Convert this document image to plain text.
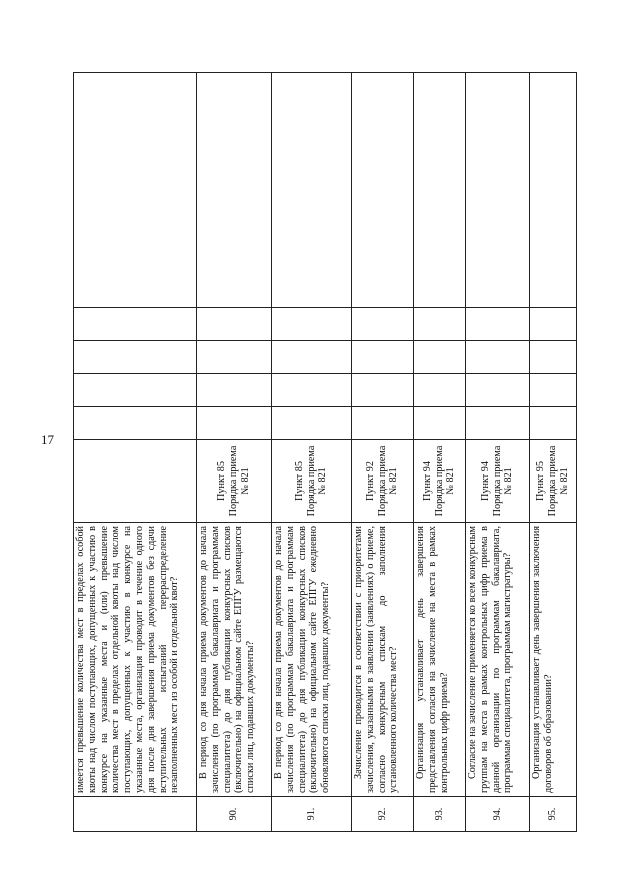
17
	имеется превышение количества мест в пределах особой квоты над числом поступающих, допущенных к участию в конкурсе на указанные места и (или) превышение количества мест в пределах отдельной квоты над числом поступающих, допущенных к участию в конкурсе на указанные места, организация проводит в течение одного дня после дня завершения приема документов без сдачи вступительных испытаний перераспределение незаполненных мест из особой и отдельной квот?						
90.	В период со дня начала приема документов до начала зачисления (по программам бакалавриата и программам специалитета) до дня публикации конкурсных списков (включительно) на официальном сайте ЕПГУ размещаются списки лиц, подавших документы?	Пункт 85 Порядка приема № 821					
91.	В период со дня начала приема документов до начала зачисления (по программам бакалавриата и программам специалитета) до дня публикации конкурсных списков (включительно) на официальном сайте ЕПГУ ежедневно обновляются списки лиц, подавших документы?	Пункт 85 Порядка приема № 821					
92.	Зачисление проводится в соответствии с приоритетами зачисления, указанными в заявлении (заявлениях) о приеме, согласно конкурсным спискам до заполнения установленного количества мест?	Пункт 92 Порядка приема № 821					
93.	Организация устанавливает день завершения представления согласия на зачисление на места в рамках контрольных цифр приема?	Пункт 94 Порядка приема № 821					
94.	Согласие на зачисление применяется ко всем конкурсным группам на места в рамках контрольных цифр приема в данной организации по программам бакалавриата, программам специалитета, программам магистратуры?	Пункт 94 Порядка приема № 821					
95.	Организация устанавливает день завершения заключения договоров об образовании?	Пункт 95 Порядка приема № 821					
